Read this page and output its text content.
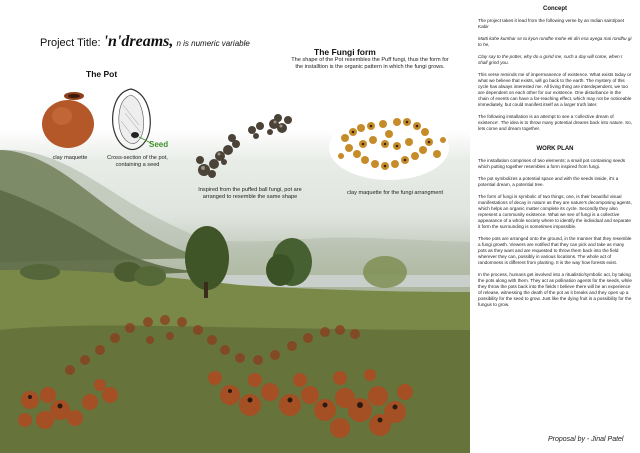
Project Title: 'n'dreams, n is numeric variable
The Pot
clay maquette
Seed
Cross-section of the pot, containing a seed
The Fungi form
The shape of the Pot resembles the Puff fungi, thus the form for the installtion is the organic pattern in which the fungi grows.
Inspired from the puffed ball fungi, pot are arranged to resemble the same shape
clay maquette for the fungi arrangment
Concept

The project takes it lead from the following verse by an Indian saint/poet Kabir

Matti kahe kumhar se tu kyon rondhe mohe ek din esa ayega mai rondhu gi to he,

Clay say to the potter, why do u grind me, such a day will come, when I shall grind you.

This verse reminds me of impermanence of existence. What exists today or what we believe that exists, will go back to the earth. The mystery of this cycle has always interested me. All living thing are interdependent, we too are dependent on each other for our existence. One disturbance in the chain of events can have a far-reaching effect, which may not be noticeable immediately, but could manifest itself as a larger truth later.

The following installation is an attempt to see a 'collective dream of existence'. The idea is to throw many potential dreams back into nature. So, lets come and dream together.

WORK PLAN

The installation comprises of two elements; a small pot containing seeds which putting together resembles a form inspired from fungi.

The pot symbolizes a potential space and with the seeds inside, it's a potential dream, a potential tree.

The form of fungi is symbolic of two things, one, is their beautiful visual manifestations of decay in nature as they are nature's decomposing agents, which helps an organic matter complete its cycle. Secondly they also represent a community existence. What we see of fungi is a collective appearance of a whole society where to identify the individual and separate it form the surrounding is sometimes impossible.

These pots are arranged onto the ground, in the manner that they resemble a fungi growth. Viewers are notified that they can pick and take as many pots as they want and are requested to throw them back into the field wherever they can, possibly in various locations. The whole act of randomness is different from planting. It is the way how forests exist.

In the process, humans get involved into a ritualistic/symbolic act, by taking the pots along with them. They act as pollination agents for the seeds, while they throw the pots back into the fields I believe there will be an experience of release, witnessing the death of the pot as it breaks and they open up a possibility for the seed to grow. Just like the dying fruit is a possibility for the fungus to grow.

Proposal by - Jinal Patel
